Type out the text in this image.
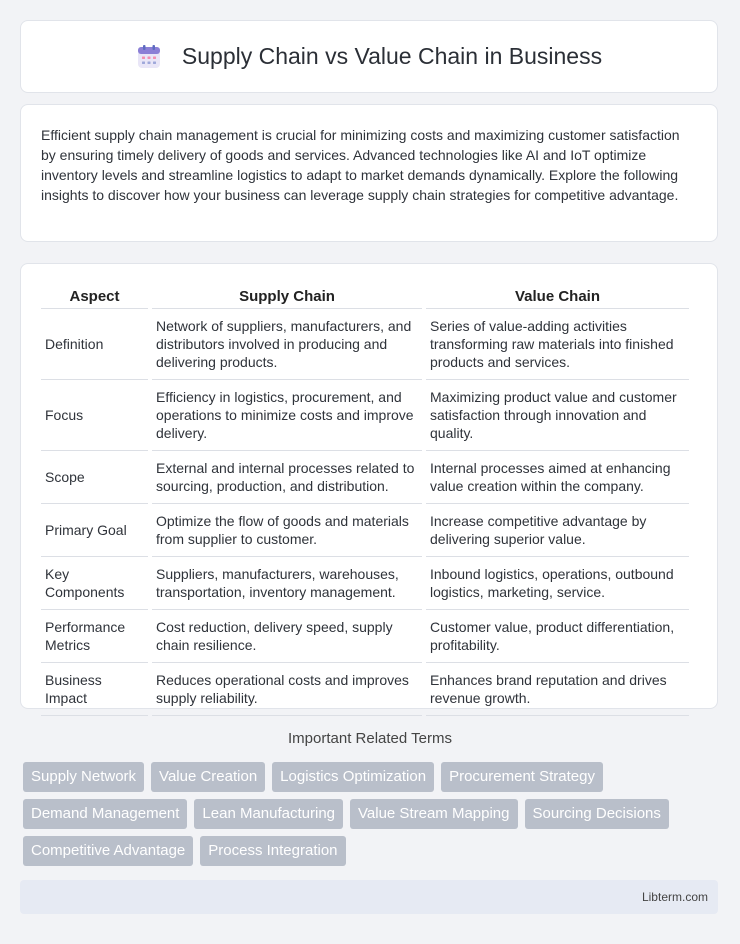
Supply Chain vs Value Chain in Business

Efficient supply chain management is crucial for minimizing costs and maximizing customer satisfaction by ensuring timely delivery of goods and services. Advanced technologies like AI and IoT optimize inventory levels and streamline logistics to adapt to market demands dynamically. Explore the following insights to discover how your business can leverage supply chain strategies for competitive advantage.

Aspect	Supply Chain	Value Chain
Definition	Network of suppliers, manufacturers, and distributors involved in producing and delivering products.	Series of value-adding activities transforming raw materials into finished products and services.
Focus	Efficiency in logistics, procurement, and operations to minimize costs and improve delivery.	Maximizing product value and customer satisfaction through innovation and quality.
Scope	External and internal processes related to sourcing, production, and distribution.	Internal processes aimed at enhancing value creation within the company.
Primary Goal	Optimize the flow of goods and materials from supplier to customer.	Increase competitive advantage by delivering superior value.
Key Components	Suppliers, manufacturers, warehouses, transportation, inventory management.	Inbound logistics, operations, outbound logistics, marketing, service.
Performance Metrics	Cost reduction, delivery speed, supply chain resilience.	Customer value, product differentiation, profitability.
Business Impact	Reduces operational costs and improves supply reliability.	Enhances brand reputation and drives revenue growth.
Important Related Terms
Supply Network	Value Creation	Logistics Optimization	Procurement Strategy
Demand Management	Lean Manufacturing	Value Stream Mapping	Sourcing Decisions
Competitive Advantage	Process Integration
Libterm.com
